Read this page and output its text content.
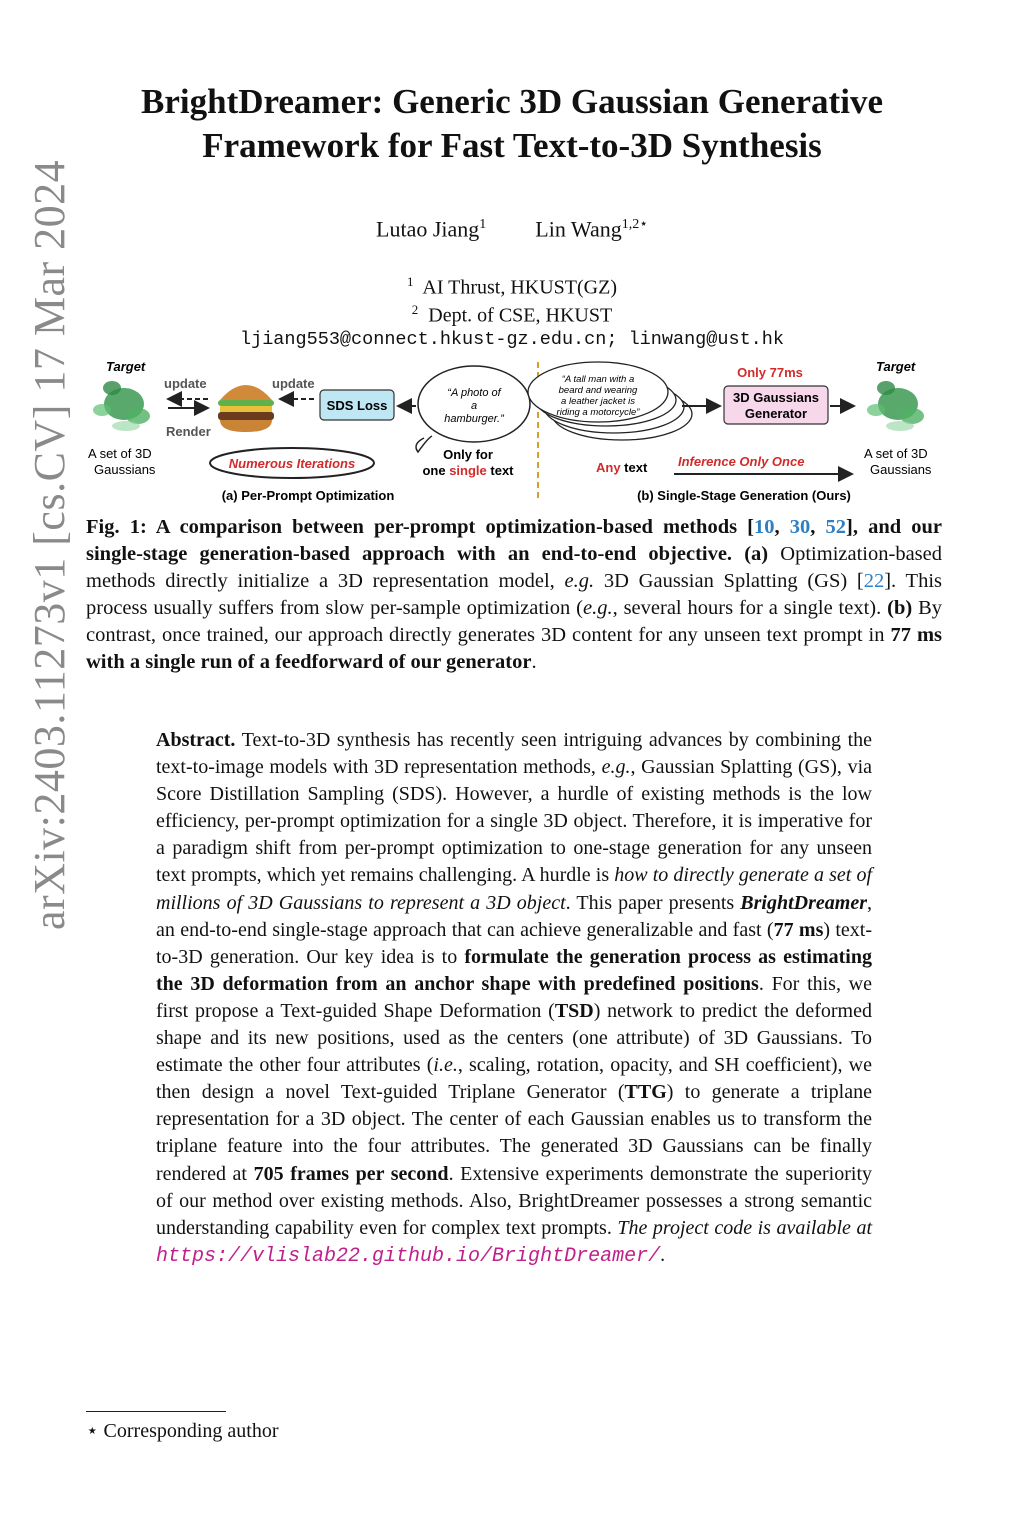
arXiv:2403.11273v1 [cs.CV] 17 Mar 2024
BrightDreamer: Generic 3D Gaussian Generative
Framework for Fast Text-to-3D Synthesis
Lutao Jiang$^1$ Lin Wang$^{1,2⋆}$
$^1$ AI Thrust, HKUST(GZ)
$^2$ Dept. of CSE, HKUST
ljiang553@connect.hkust-gz.edu.cn; linwang@ust.hk
Target
A set of 3D
Gaussians
update
Render
update
SDS Loss
“A photo of
a
hamburger.”
Numerous Iterations
Only for
one single text
(a) Per-Prompt Optimization
“A tall man with a
beard and wearing
a leather jacket is
riding a motorcycle”
Only 77ms
3D Gaussians
Generator
Target
Any text Inference Only Once
A set of 3D
Gaussians
(b) Single-Stage Generation (Ours)
Fig. 1: A comparison between per-prompt optimization-based methods [10, 30, 52], and our single-stage generation-based approach with an end-to-end objective. (a) Optimization-based methods directly initialize a 3D representation model, e.g. 3D Gaussian Splatting (GS) [22]. This process usually suffers from slow per-sample optimization (e.g., several hours for a single text). (b) By contrast, once trained, our approach directly generates 3D content for any unseen text prompt in 77 ms with a single run of a feedforward of our generator.
Abstract. Text-to-3D synthesis has recently seen intriguing advances by combining the text-to-image models with 3D representation methods, e.g., Gaussian Splatting (GS), via Score Distillation Sampling (SDS). However, a hurdle of existing methods is the low efficiency, per-prompt optimization for a single 3D object. Therefore, it is imperative for a paradigm shift from per-prompt optimization to one-stage generation for any unseen text prompts, which yet remains challenging. A hurdle is how to directly generate a set of millions of 3D Gaussians to represent a 3D object. This paper presents BrightDreamer, an end-to-end single-stage approach that can achieve generalizable and fast (77 ms) text-to-3D generation. Our key idea is to formulate the generation process as estimating the 3D deformation from an anchor shape with predefined positions. For this, we first propose a Text-guided Shape Deformation (TSD) network to predict the deformed shape and its new positions, used as the centers (one attribute) of 3D Gaussians. To estimate the other four attributes (i.e., scaling, rotation, opacity, and SH coefficient), we then design a novel Text-guided Triplane Generator (TTG) to generate a triplane representation for a 3D object. The center of each Gaussian enables us to transform the triplane feature into the four attributes. The generated 3D Gaussians can be finally rendered at 705 frames per second. Extensive experiments demonstrate the superiority of our method over existing methods. Also, BrightDreamer possesses a strong semantic understanding capability even for complex text prompts. The project code is available at https://vlislab22.github.io/BrightDreamer/.
⋆ Corresponding author
